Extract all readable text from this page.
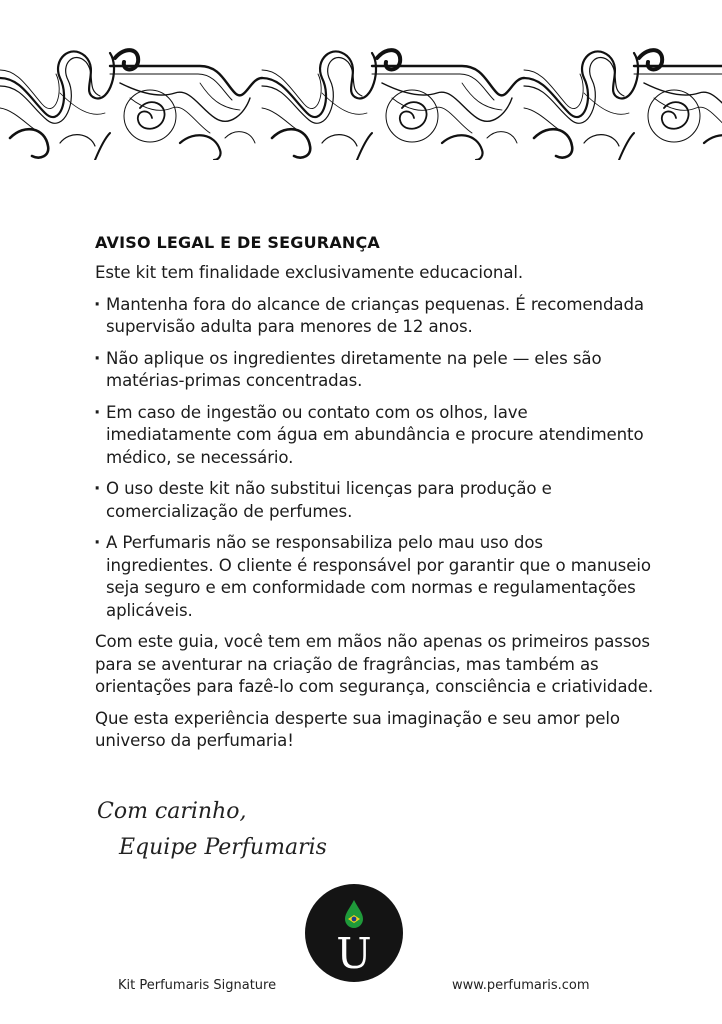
AVISO LEGAL E DE SEGURANÇA

Este kit tem finalidade exclusivamente educacional.

· Mantenha fora do alcance de crianças pequenas. É recomendada supervisão adulta para menores de 12 anos.
· Não aplique os ingredientes diretamente na pele — eles são matérias-primas concentradas.
· Em caso de ingestão ou contato com os olhos, lave imediatamente com água em abundância e procure atendimento médico, se necessário.
· O uso deste kit não substitui licenças para produção e comercialização de perfumes.
· A Perfumaris não se responsabiliza pelo mau uso dos ingredientes. O cliente é responsável por garantir que o manuseio seja seguro e em conformidade com normas e regulamentações aplicáveis.

Com este guia, você tem em mãos não apenas os primeiros passos para se aventurar na criação de fragrâncias, mas também as orientações para fazê-lo com segurança, consciência e criatividade.

Que esta experiência desperte sua imaginação e seu amor pelo universo da perfumaria!

Com carinho,
Equipe Perfumaris
U
Kit Perfumaris Signature	www.perfumaris.com
